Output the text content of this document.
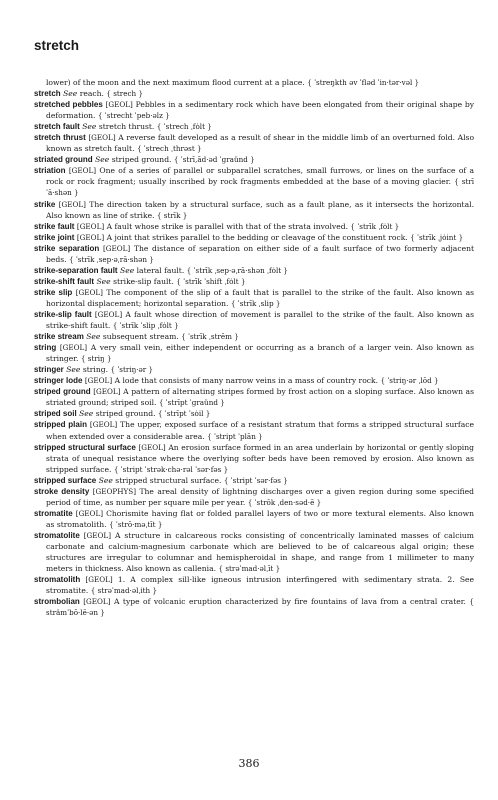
stretch

lower) of the moon and the next maximum flood current at a place. { ˈstreŋkth əv ˈfləd ˈin·tər·vəl }

stretch See reach. { strech }

stretched pebbles [GEOL] Pebbles in a sedimentary rock which have been elongated from their original shape by deformation. { ˈstrecht ˈpeb·əlz }

stretch fault See stretch thrust. { ˈstrech ˌfȯlt }

stretch thrust [GEOL] A reverse fault developed as a result of shear in the middle limb of an overturned fold. Also known as stretch fault. { ˈstrech ˌthrəst }

striated ground See striped ground. { ˈstrī‚ād·əd ˈgraünd }

striation [GEOL] One of a series of parallel or subparallel scratches, small furrows, or lines on the surface of a rock or rock fragment; usually inscribed by rock fragments embedded at the base of a moving glacier. { strīˈā·shən }

strike [GEOL] The direction taken by a structural surface, such as a fault plane, as it intersects the horizontal. Also known as line of strike. { strīk }

strike fault [GEOL] A fault whose strike is parallel with that of the strata involved. { ˈstrīk ˌfȯlt }

strike joint [GEOL] A joint that strikes parallel to the bedding or cleavage of the constituent rock. { ˈstrīk ˌjȯint }

strike separation [GEOL] The distance of separation on either side of a fault surface of two formerly adjacent beds. { ˈstrīk ˌsep·əˌrā·shən }

strike-separation fault See lateral fault. { ˈstrīk ˌsep·əˌrā·shən ˌfȯlt }

strike-shift fault See strike-slip fault. { ˈstrīk ˈshift ˌfȯlt }

strike slip [GEOL] The component of the slip of a fault that is parallel to the strike of the fault. Also known as horizontal displacement; horizontal separation. { ˈstrīk ˌslip }

strike-slip fault [GEOL] A fault whose direction of movement is parallel to the strike of the fault. Also known as strike-shift fault. { ˈstrīk ˈslip ˌfȯlt }

strike stream See subsequent stream. { ˈstrīk ˌstrēm }

string [GEOL] A very small vein, either independent or occurring as a branch of a larger vein. Also known as stringer. { striŋ }

stringer See string. { ˈstriŋ·ər }

stringer lode [GEOL] A lode that consists of many narrow veins in a mass of country rock. { ˈstriŋ·ər ˌlōd }

striped ground [GEOL] A pattern of alternating stripes formed by frost action on a sloping surface. Also known as striated ground; striped soil. { ˈstrīpt ˈgraünd }

striped soil See striped ground. { ˈstrīpt ˈsȯil }

stripped plain [GEOL] The upper, exposed surface of a resistant stratum that forms a stripped structural surface when extended over a considerable area. { ˈstript ˈplān }

stripped structural surface [GEOL] An erosion surface formed in an area underlain by horizontal or gently sloping strata of unequal resistance where the overlying softer beds have been removed by erosion. Also known as stripped surface. { ˈstript ˈstrək·chə·rəl ˈsər·fəs }

stripped surface See stripped structural surface. { ˈstript ˈsər·fəs }

stroke density [GEOPHYS] The areal density of lightning discharges over a given region during some specified period of time, as number per square mile per year. { ˈstrōk ˌden·səd·ē }

stromatite [GEOL] Chorismite having flat or folded parallel layers of two or more textural elements. Also known as stromatolith. { ˈstrō·məˌtīt }

stromatolite [GEOL] A structure in calcareous rocks consisting of concentrically laminated masses of calcium carbonate and calcium-magnesium carbonate which are believed to be of calcareous algal origin; these structures are irregular to columnar and hemispheroidal in shape, and range from 1 millimeter to many meters in thickness. Also known as callenia. { strəˈmad·əlˌīt }

stromatolith [GEOL] 1. A complex sill-like igneous intrusion interfingered with sedimentary strata. 2. See stromatite. { strəˈmad·əlˌith }

strombolian [GEOL] A type of volcanic eruption characterized by fire fountains of lava from a central crater. { strämˈbō·lē·ən }

386
